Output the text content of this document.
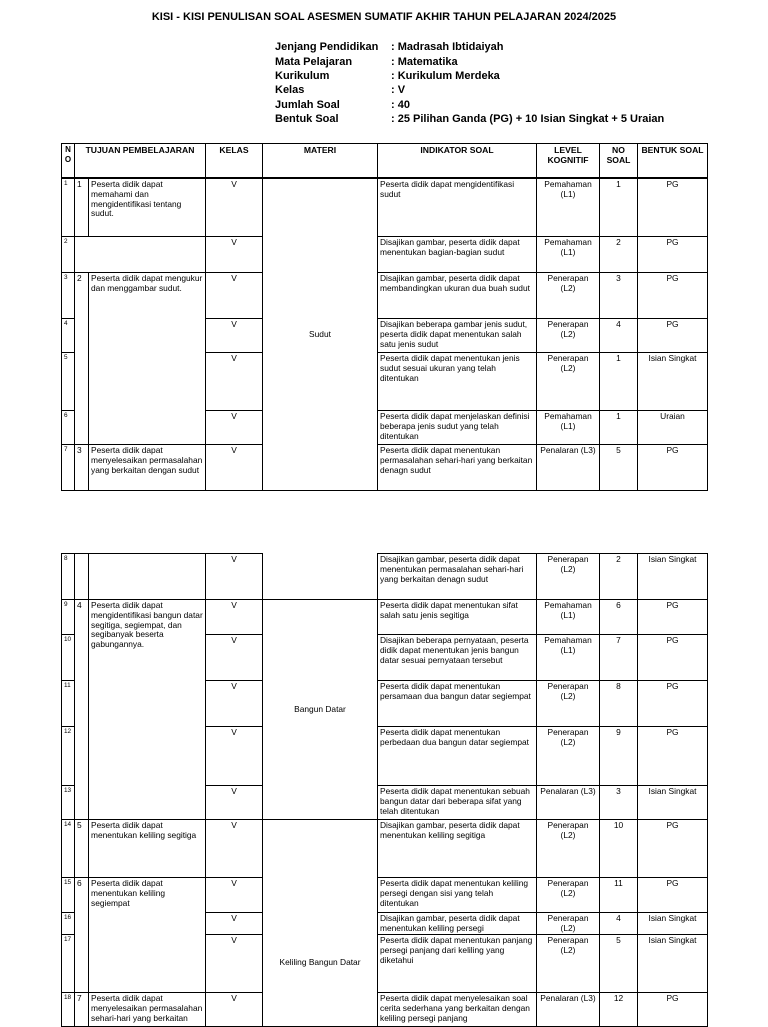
KISI - KISI PENULISAN SOAL ASESMEN SUMATIF AKHIR TAHUN PELAJARAN 2024/2025
Jenjang Pendidikan	: Madrasah Ibtidaiyah
Mata Pelajaran	: Matematika
Kurikulum	: Kurikulum Merdeka
Kelas	: V
Jumlah Soal	: 40
Bentuk Soal	: 25 Pilihan Ganda (PG) + 10 Isian Singkat + 5 Uraian
N O	TUJUAN PEMBELAJARAN		KELAS	MATERI	INDIKATOR SOAL	LEVEL KOGNITIF	NO SOAL	BENTUK SOAL

1	1	Peserta didik dapat memahami dan mengidentifikasi tentang sudut.	V	Sudut	Peserta didik dapat mengidentifikasi sudut	Pemahaman (L1)	1	PG
2			V		Disajikan gambar, peserta didik dapat menentukan bagian-bagian sudut	Pemahaman (L1)	2	PG
3	2	Peserta didik dapat mengukur dan menggambar sudut.	V		Disajikan gambar, peserta didik dapat membandingkan ukuran dua buah sudut	Penerapan (L2)	3	PG
4			V		Disajikan beberapa gambar jenis sudut, peserta didik dapat menentukan salah satu jenis sudut	Penerapan (L2)	4	PG
5			V		Peserta didik dapat menentukan jenis sudut sesuai ukuran yang telah ditentukan	Penerapan (L2)	1	Isian Singkat
6			V		Peserta didik dapat menjelaskan definisi beberapa jenis sudut yang telah ditentukan	Pemahaman (L1)	1	Uraian
7	3	Peserta didik dapat menyelesaikan permasalahan yang berkaitan dengan sudut	V		Peserta didik dapat menentukan permasalahan sehari-hari yang berkaitan denagn sudut	Penalaran (L3)	5	PG
8			V		Disajikan gambar, peserta didik dapat menentukan permasalahan sehari-hari yang berkaitan denagn sudut	Penerapan (L2)	2	Isian Singkat
9	4	Peserta didik dapat mengidentifikasi bangun datar segitiga, segiempat, dan segibanyak beserta gabungannya.	V	Bangun Datar	Peserta didik dapat menentukan sifat salah satu jenis segitiga	Pemahaman (L1)	6	PG
10			V		Disajikan beberapa pernyataan, peserta didik dapat menentukan jenis bangun datar sesuai pernyataan tersebut	Pemahaman (L1)	7	PG
11			V		Peserta didik dapat menentukan persamaan dua bangun datar segiempat	Penerapan (L2)	8	PG
12			V		Peserta didik dapat menentukan perbedaan dua bangun datar segiempat	Penerapan (L2)	9	PG
13			V		Peserta didik dapat menentukan sebuah bangun datar dari beberapa sifat yang telah ditentukan	Penalaran (L3)	3	Isian Singkat
14	5	Peserta didik dapat menentukan keliling segitiga	V	Keliling Bangun Datar	Disajikan gambar, peserta didik dapat menentukan keliling segitiga	Penerapan (L2)	10	PG
15	6	Peserta didik dapat menentukan keliling segiempat	V		Peserta didik dapat menentukan keliling persegi dengan sisi yang telah ditentukan	Penerapan (L2)	11	PG
16			V		Disajikan gambar, peserta didik dapat menentukan keliling persegi	Penerapan (L2)	4	Isian Singkat
17			V		Peserta didik dapat menentukan panjang persegi panjang dari keliling yang diketahui	Penerapan (L2)	5	Isian Singkat
18	7	Peserta didik dapat menyelesaikan permasalahan sehari-hari yang berkaitan	V		Peserta didik dapat menyelesaikan soal cerita sederhana yang berkaitan dengan keliling persegi panjang	Penalaran (L3)	12	PG
